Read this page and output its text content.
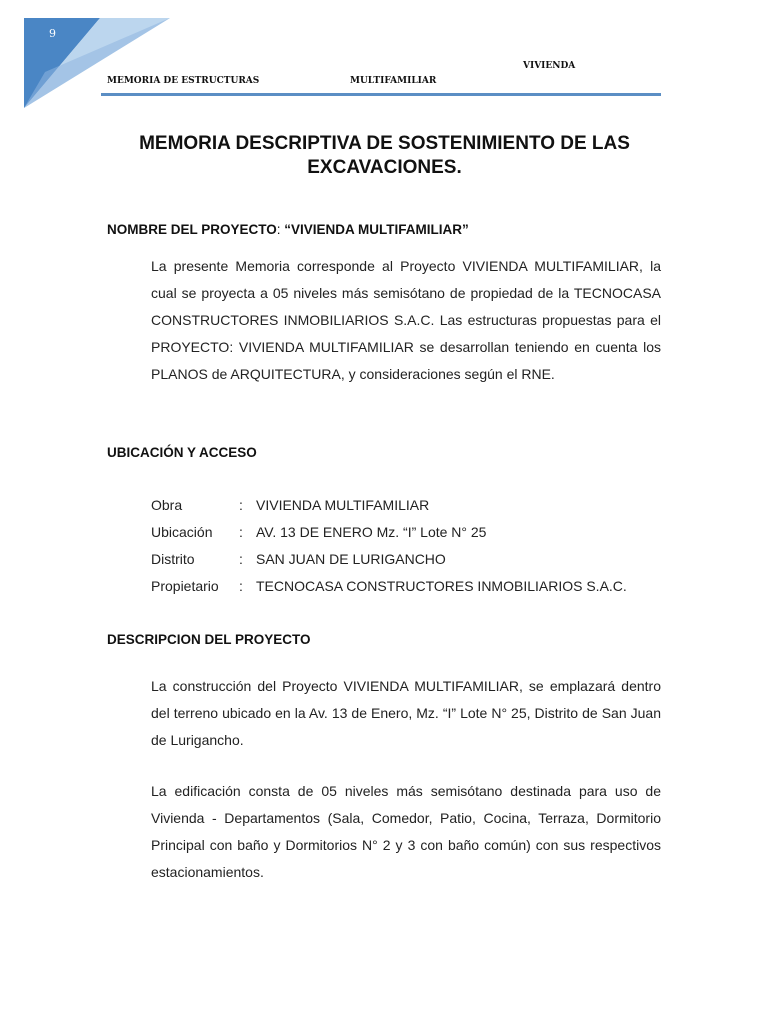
9
MEMORIA DE ESTRUCTURAS	MULTIFAMILIAR
VIVIENDA
MEMORIA DESCRIPTIVA DE SOSTENIMIENTO DE LAS EXCAVACIONES.
NOMBRE DEL PROYECTO: “VIVIENDA MULTIFAMILIAR”
La presente Memoria corresponde al Proyecto VIVIENDA MULTIFAMILIAR, la cual se proyecta a 05 niveles más semisótano de propiedad de la TECNOCASA CONSTRUCTORES INMOBILIARIOS S.A.C. Las estructuras propuestas para el PROYECTO: VIVIENDA MULTIFAMILIAR se desarrollan teniendo en cuenta los PLANOS de ARQUITECTURA, y consideraciones según el RNE.
UBICACIÓN Y ACCESO
Obra	: VIVIENDA MULTIFAMILIAR
Ubicación : AV. 13 DE ENERO Mz. “I” Lote N° 25
Distrito	: SAN JUAN DE LURIGANCHO
Propietario : TECNOCASA CONSTRUCTORES INMOBILIARIOS S.A.C.
DESCRIPCION DEL PROYECTO
La construcción del Proyecto VIVIENDA MULTIFAMILIAR, se emplazará dentro del terreno ubicado en la Av. 13 de Enero, Mz. “I” Lote N° 25, Distrito de San Juan de Lurigancho.
La edificación consta de 05 niveles más semisótano destinada para uso de Vivienda - Departamentos (Sala, Comedor, Patio, Cocina, Terraza, Dormitorio Principal con baño y Dormitorios N° 2 y 3 con baño común) con sus respectivos estacionamientos.
